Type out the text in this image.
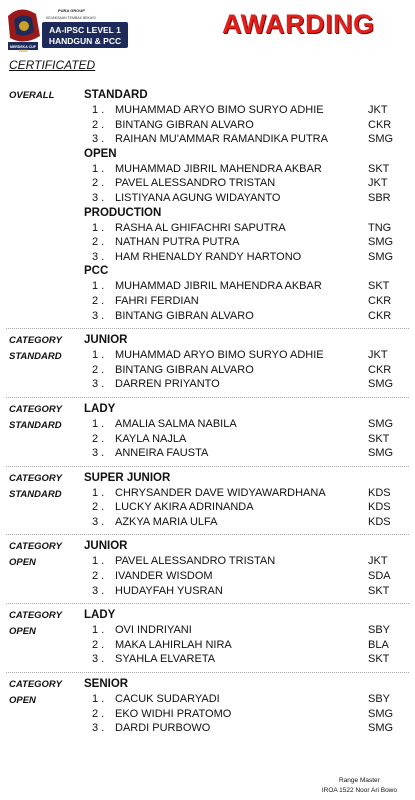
MERDEKA CUP
PURA GROUP
KEJAKSAAN TEMBAK BEKASI
AA-IPSC LEVEL 1
HANDGUN & PCC
2025
AWARDING
CERTIFICATED
OVERALL	STANDARD
1 . MUHAMMAD ARYO BIMO SURYO ADHIE	JKT
2 . BINTANG GIBRAN ALVARO	CKR
3 . RAIHAN MU'AMMAR RAMANDIKA PUTRA	SMG
OPEN
1 . MUHAMMAD JIBRIL MAHENDRA AKBAR	SKT
2 . PAVEL ALESSANDRO TRISTAN	JKT
3 . LISTIYANA AGUNG WIDAYANTO	SBR
PRODUCTION
1 . RASHA AL GHIFACHRI SAPUTRA	TNG
2 . NATHAN PUTRA PUTRA	SMG
3 . HAM RHENALDY RANDY HARTONO	SMG
PCC
1 . MUHAMMAD JIBRIL MAHENDRA AKBAR	SKT
2 . FAHRI FERDIAN	CKR
3 . BINTANG GIBRAN ALVARO	CKR
CATEGORY
STANDARD
JUNIOR
1 . MUHAMMAD ARYO BIMO SURYO ADHIE	JKT
2 . BINTANG GIBRAN ALVARO	CKR
3 . DARREN PRIYANTO	SMG
CATEGORY
STANDARD
LADY
1 . AMALIA SALMA NABILA	SMG
2 . KAYLA NAJLA	SKT
3 . ANNEIRA FAUSTA	SMG
CATEGORY
STANDARD
SUPER JUNIOR
1 . CHRYSANDER DAVE WIDYAWARDHANA	KDS
2 . LUCKY AKIRA ADRINANDA	KDS
3 . AZKYA MARIA ULFA	KDS
CATEGORY
OPEN
JUNIOR
1 . PAVEL ALESSANDRO TRISTAN	JKT
2 . IVANDER WISDOM	SDA
3 . HUDAYFAH YUSRAN	SKT
CATEGORY
OPEN
LADY
1 . OVI INDRIYANI	SBY
2 . MAKA LAHIRLAH NIRA	BLA
3 . SYAHLA ELVARETA	SKT
CATEGORY
OPEN
SENIOR
1 . CACUK SUDARYADI	SBY
2 . EKO WIDHI PRATOMO	SMG
3 . DARDI PURBOWO	SMG
Range Master
IROA 1522 Noor Ari Bowo
